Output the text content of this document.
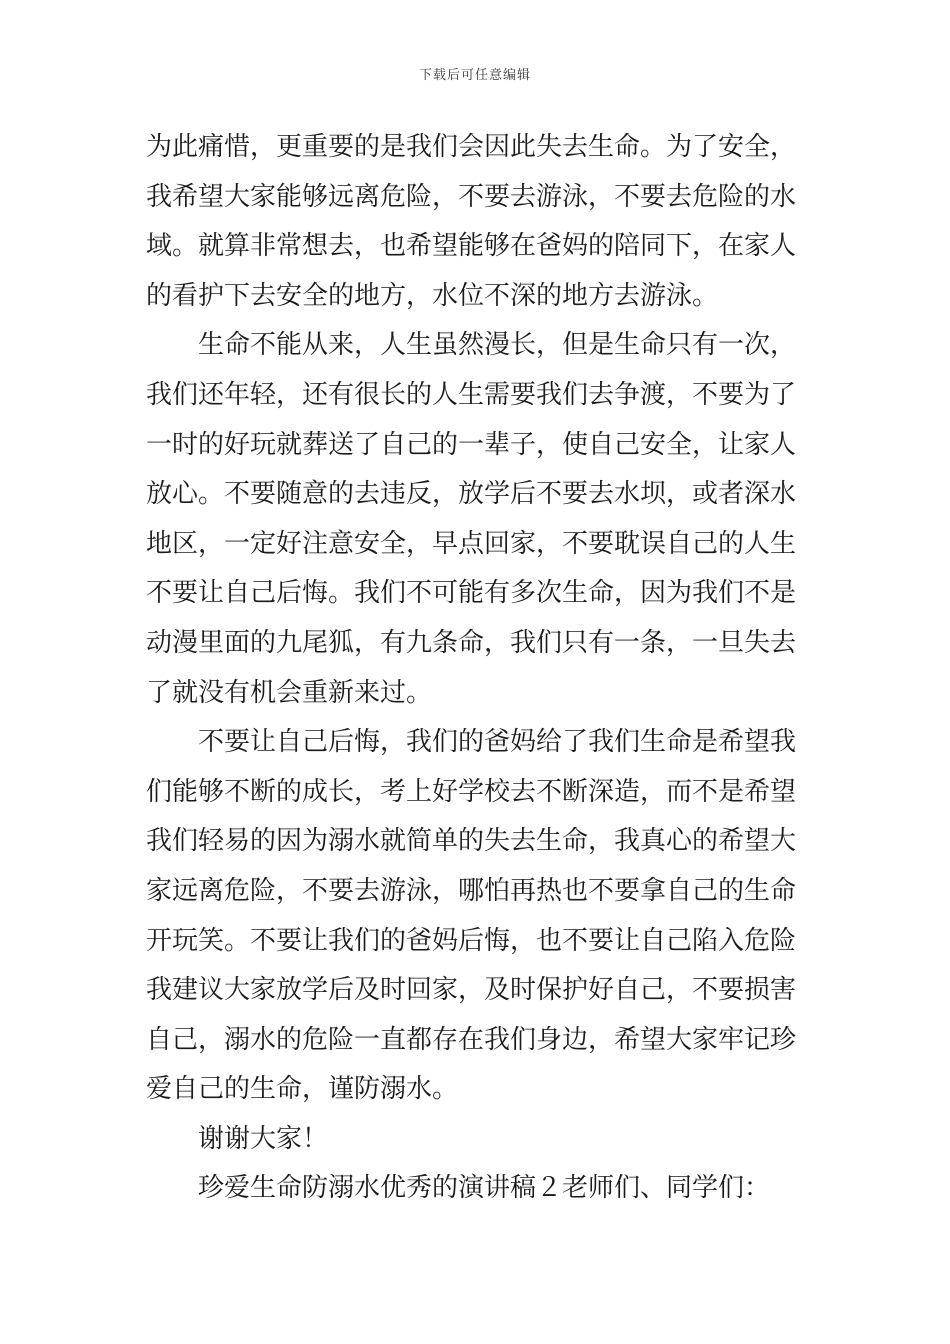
下载后可任意编辑
为此痛惜，更重要的是我们会因此失去生命。为了安全，
我希望大家能够远离危险，不要去游泳，不要去危险的水
域。就算非常想去，也希望能够在爸妈的陪同下，在家人
的看护下去安全的地方，水位不深的地方去游泳。
生命不能从来，人生虽然漫长，但是生命只有一次，
我们还年轻，还有很长的人生需要我们去争渡，不要为了
一时的好玩就葬送了自己的一辈子，使自己安全，让家人
放心。不要随意的去违反，放学后不要去水坝，或者深水
地区，一定好注意安全，早点回家，不要耽误自己的人生
不要让自己后悔。我们不可能有多次生命，因为我们不是
动漫里面的九尾狐，有九条命，我们只有一条，一旦失去
了就没有机会重新来过。
不要让自己后悔，我们的爸妈给了我们生命是希望我
们能够不断的成长，考上好学校去不断深造，而不是希望
我们轻易的因为溺水就简单的失去生命，我真心的希望大
家远离危险，不要去游泳，哪怕再热也不要拿自己的生命
开玩笑。不要让我们的爸妈后悔，也不要让自己陷入危险
我建议大家放学后及时回家，及时保护好自己，不要损害
自己，溺水的危险一直都存在我们身边，希望大家牢记珍
爱自己的生命，谨防溺水。
谢谢大家！
珍爱生命防溺水优秀的演讲稿２老师们、同学们：
